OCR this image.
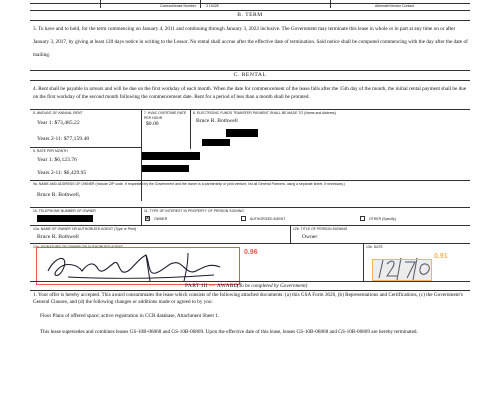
Contract/lease Number:	3 10428	Alternate/Vendor Contact
B. TERM
3. To have and to hold, for the term commencing on January 4, 2011 and continuing through January 3, 2022 inclusive. The Government may terminate this lease in whole or in part at any time on or after January 3, 2017, by giving at least 120 days notice in writing to the Lessor. No rental shall accrue after the effective date of termination. Said notice shall be computed commencing with the day after the date of mailing.
C. RENTAL
4. Rent shall be payable in arrears and will be due on the first workday of each month. When the date for commencement of the lease falls after the 15th day of the month, the initial rental payment shall be due on the first workday of the second month following the commencement date. Rent for a period of less than a month shall be prorated.
5. AMOUNT OF ANNUAL RENT
Year 1: $73,485.22
Years 2-11: $77,159.48
5. RATE PER MONTH
Year 1: $6,123.76
Years 2-11: $6,429.95
7. HVAC OVERTIME RATE PER HOUR
$0.00
8. ELECTRONIC FUNDS TRANSFER PAYMENT SHALL BE MADE TO (Name and Address)
Bruce R. Bothwell
9a. NAME AND ADDRESS OF OWNER (Include ZIP code. If requested by the Government and the owner is a partnership or joint venture, list all General Partners, using a separate sheet, if necessary.)
Bruce R. Bothwell,
10. TELEPHONE NUMBER OF OWNER	11. TYPE OF INTEREST IN PROPERTY OF PERSON SIGNING
✕ OWNER	AUTHORIZED AGENT	OTHER (Specify)
12a. NAME OF OWNER OR AUTHORIZED AGENT (Type or Print)
Bruce R. Bothwell
12b. TITLE OF PERSON SIGNING
Owner
13a. SIGNATURE OF OWNER OR AUTHORIZED AGENT	13b. DATE
0.96
0.91
PART III — AWARD
(To be completed by Government)
1. Your offer is hereby accepted. This award consummates the lease which consists of the following attached documents: (a) this GSA Form 3626, (b) Representations and Certifications, (c) the Government's General Clauses, and (d) the following changes or additions made or agreed to by you:
Floor Plans of offered space; active registration in CCR database, Attachment Sheet 1.
This lease supersedes and combines leases GS-10B-06868 and GS-10B-06869. Upon the effective date of this lease, leases GS-10B-06868 and GS-10B-06869 are hereby terminated.
